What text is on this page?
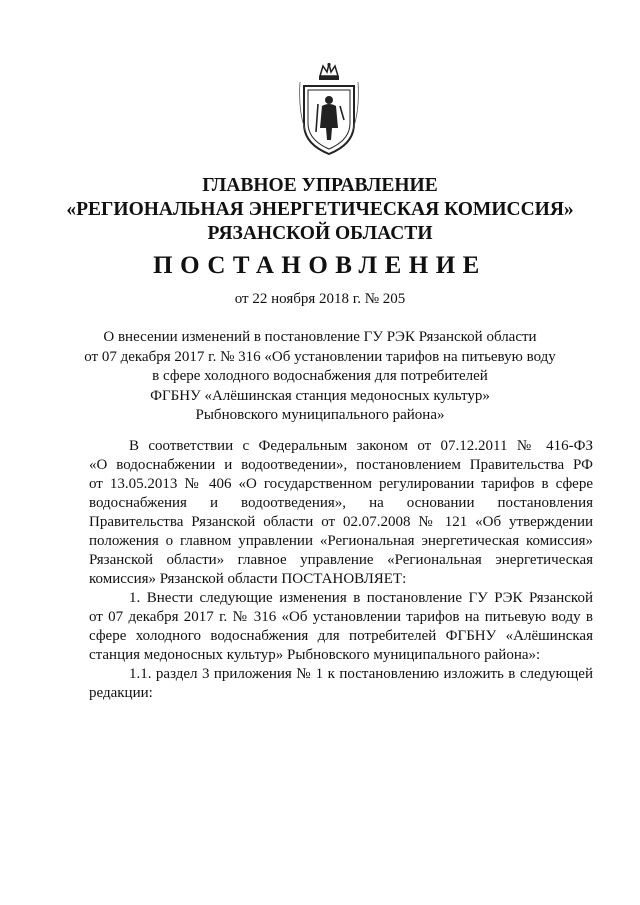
ГЛАВНОЕ УПРАВЛЕНИЕ
«РЕГИОНАЛЬНАЯ ЭНЕРГЕТИЧЕСКАЯ КОМИССИЯ»
РЯЗАНСКОЙ ОБЛАСТИ
ПОСТАНОВЛЕНИЕ
от 22 ноября 2018 г. № 205
О внесении изменений в постановление ГУ РЭК Рязанской области
от 07 декабря 2017 г. № 316 «Об установлении тарифов на питьевую воду
в сфере холодного водоснабжения для потребителей
ФГБНУ «Алёшинская станция медоносных культур»
Рыбновского муниципального района»
В соответствии с Федеральным законом от 07.12.2011 № 416-ФЗ
«О водоснабжении и водоотведении», постановлением Правительства РФ
от 13.05.2013 № 406 «О государственном регулировании тарифов в сфере
водоснабжения и водоотведения», на основании постановления
Правительства Рязанской области от 02.07.2008 № 121 «Об утверждении
положения о главном управлении «Региональная энергетическая комиссия»
Рязанской области» главное управление «Региональная энергетическая
комиссия» Рязанской области ПОСТАНОВЛЯЕТ:
1. Внести следующие изменения в постановление ГУ РЭК Рязанской
от 07 декабря 2017 г. № 316 «Об установлении тарифов на питьевую воду в
сфере холодного водоснабжения для потребителей ФГБНУ «Алёшинская
станция медоносных культур» Рыбновского муниципального района»:
1.1. раздел 3 приложения № 1 к постановлению изложить в следующей
редакции:
